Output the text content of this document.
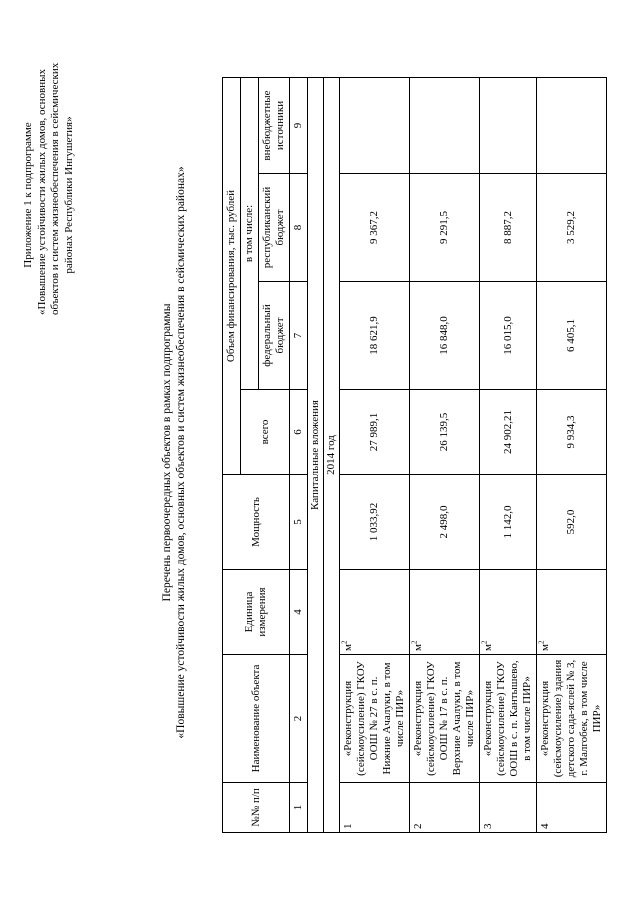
Приложение 1 к подпрограмме «Повышение устойчивости жилых домов, основных объектов и систем жизнеобеспечения в сейсмических районах Республики Ингушетия»
Перечень первоочередных объектов в рамках подпрограммы «Повышение устойчивости жилых домов, основных объектов и систем жизнеобеспечения в сейсмических районах»
№№ п/п	Наименование объекта	Единица измерения	Мощность	Объем финансирования, тыс. рублей			
				всего	в том числе:		
					федеральный бюджет	республиканский бюджет	внебюджетные источники
1	2	4	5	6	7	8	9
Капитальные вложения							
2014 год							
1	«Реконструкция (сейсмоусиление) ГКОУ ООШ № 27 в с. п. Нижние Ачалуки, в том числе ПИР»	$м^2$	1 033,92	27 989,1	18 621,9	9 367,2	
2	«Реконструкция (сейсмоусиление) ГКОУ ООШ № 17 в с. п. Верхние Ачалуки, в том числе ПИР»	$м^2$	2 498,0	26 139,5	16 848,0	9 291,5	
3	«Реконструкция (сейсмоусиление) ГКОУ ООШ в с. п. Кантышево, в том числе ПИР»	$м^2$	1 142,0	24 902,21	16 015,0	8 887,2	
4	«Реконструкция (сейсмоусиление) здания детского сада-яслей № 3, г. Малгобек, в том числе ПИР»	$м^2$	592,0	9 934,3	6 405,1	3 529,2	
